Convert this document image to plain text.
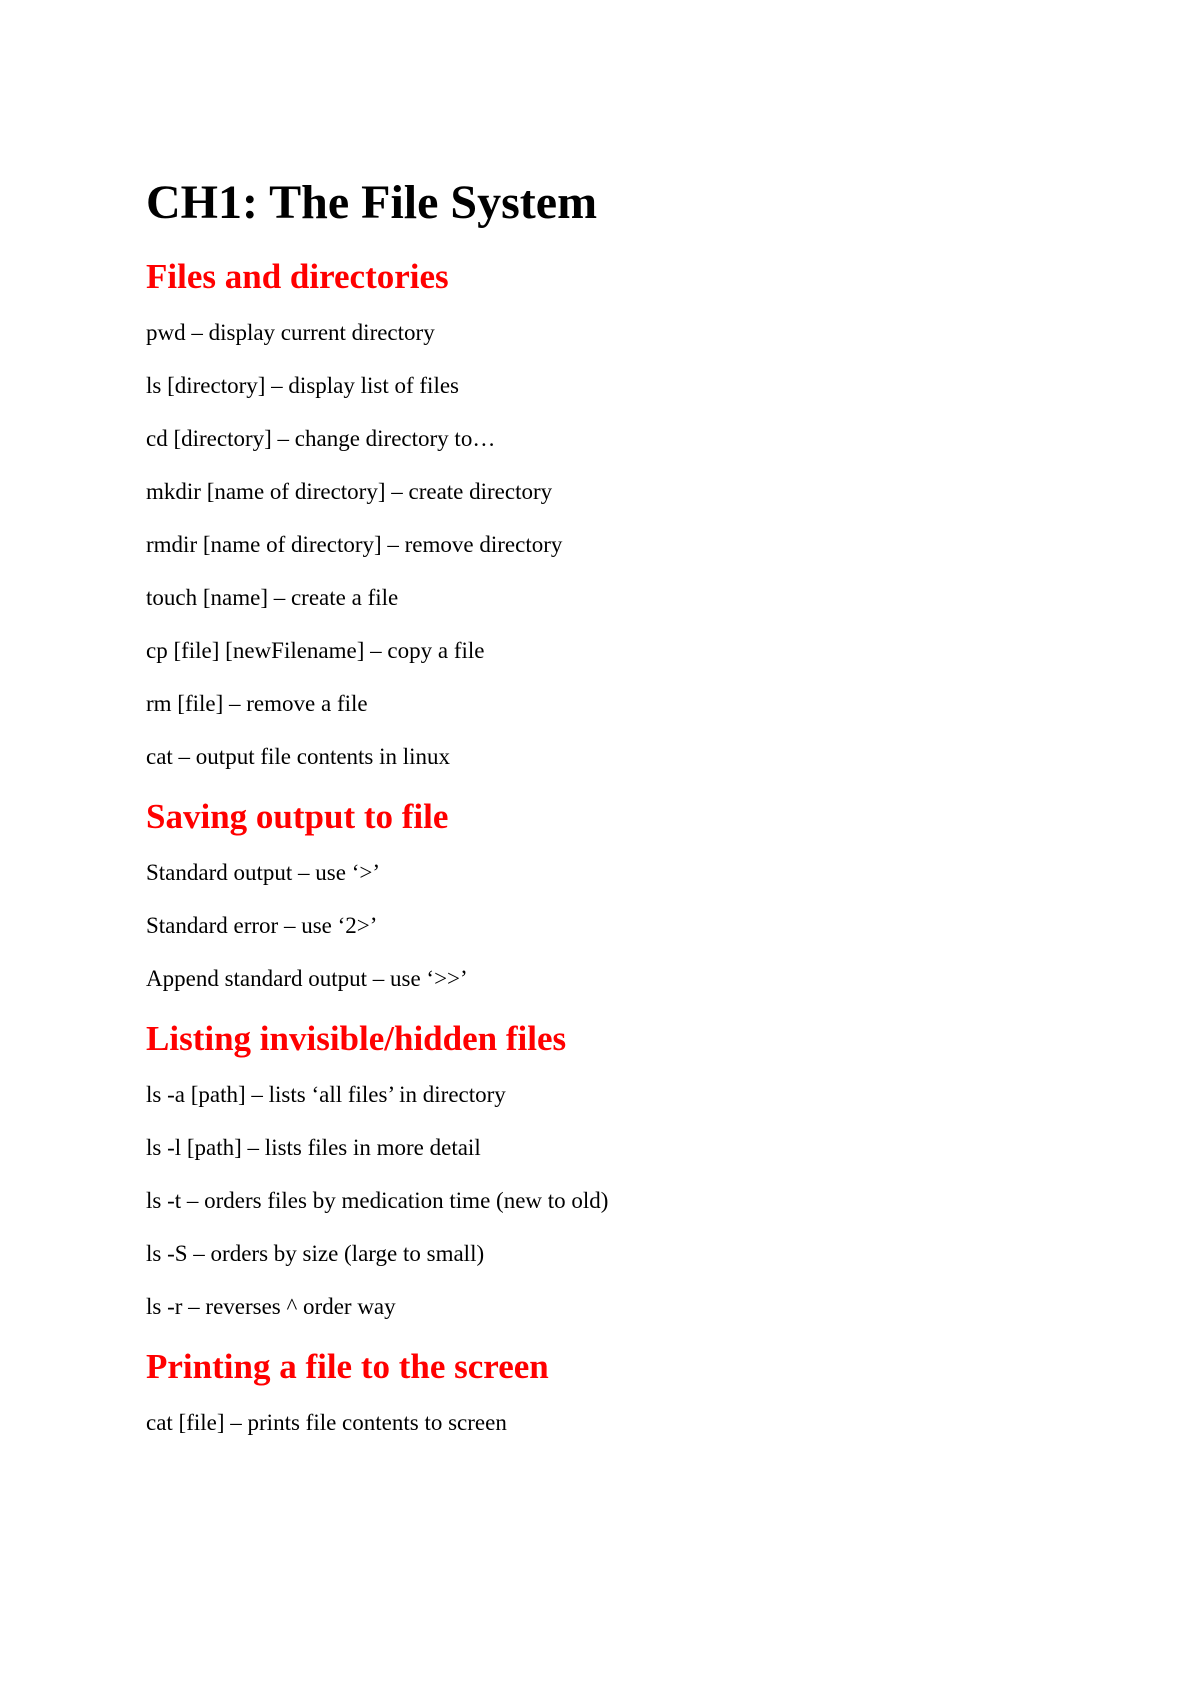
CH1: The File System
Files and directories

pwd – display current directory

ls [directory] – display list of files

cd [directory] – change directory to…

mkdir [name of directory] – create directory

rmdir [name of directory] – remove directory

touch [name] – create a file

cp [file] [newFilename] – copy a file

rm [file] – remove a file

cat – output file contents in linux

Saving output to file

Standard output – use ‘>’

Standard error – use ‘2>’

Append standard output – use ‘>>’

Listing invisible/hidden files

ls -a [path] – lists ‘all files’ in directory

ls -l [path] – lists files in more detail

ls -t – orders files by medication time (new to old)

ls -S – orders by size (large to small)

ls -r – reverses ^ order way

Printing a file to the screen

cat [file] – prints file contents to screen
